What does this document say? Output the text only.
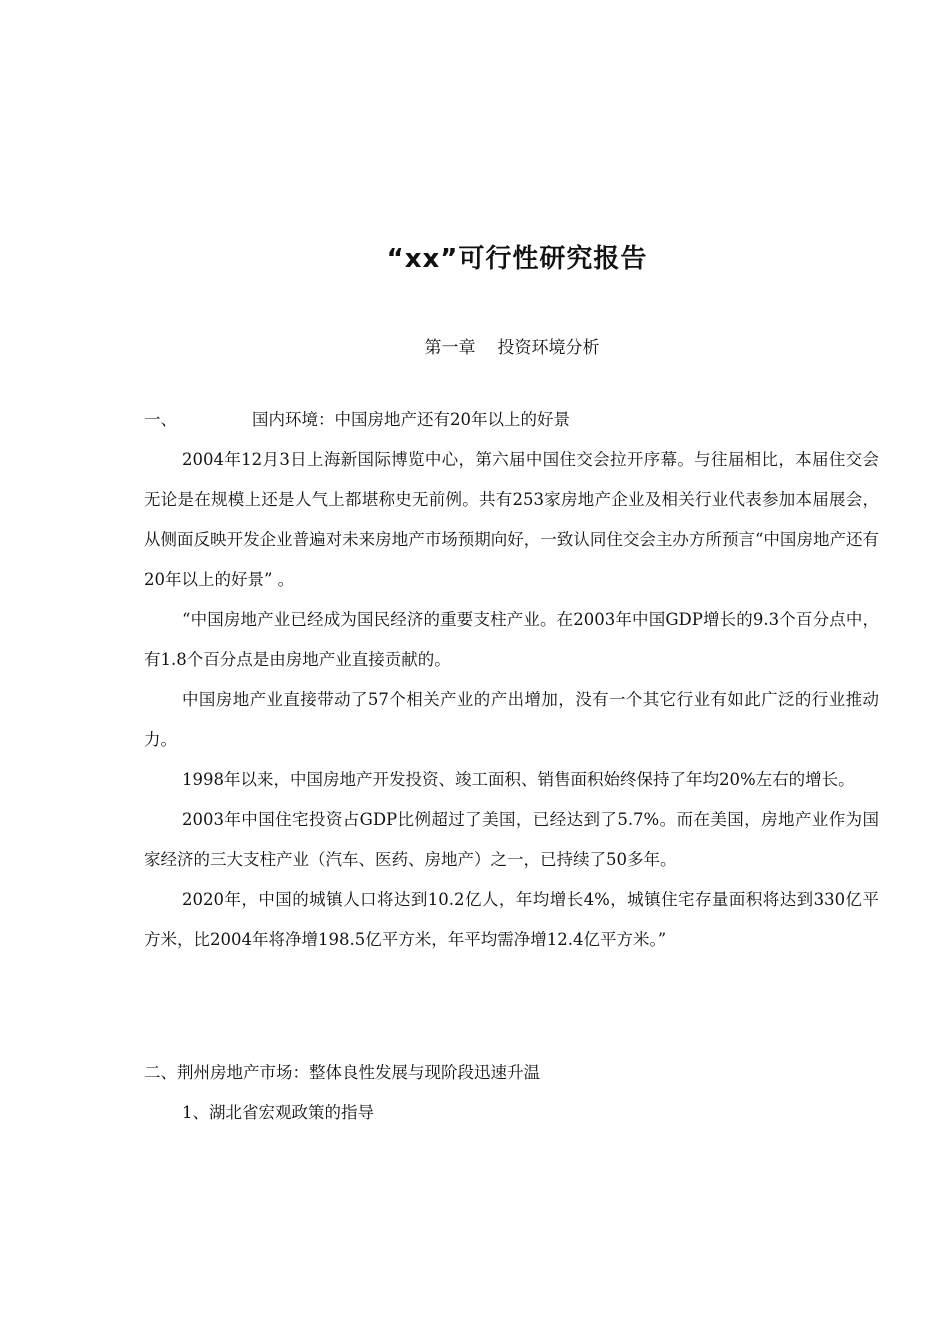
“xx”可行性研究报告
第一章 投资环境分析

一、	国内环境：中国房地产还有20年以上的好景

2004年12月3日上海新国际博览中心，第六届中国住交会拉开序幕。与往届相比，本届住交会无论是在规模上还是人气上都堪称史无前例。共有253家房地产企业及相关行业代表参加本届展会，从侧面反映开发企业普遍对未来房地产市场预期向好，一致认同住交会主办方所预言“中国房地产还有20年以上的好景” 。

“中国房地产业已经成为国民经济的重要支柱产业。在2003年中国GDP增长的9.3个百分点中，有1.8个百分点是由房地产业直接贡献的。

中国房地产业直接带动了57个相关产业的产出增加，没有一个其它行业有如此广泛的行业推动力。

1998年以来，中国房地产开发投资、竣工面积、销售面积始终保持了年均20%左右的增长。

2003年中国住宅投资占GDP比例超过了美国，已经达到了5.7%。而在美国，房地产业作为国家经济的三大支柱产业（汽车、医药、房地产）之一，已持续了50多年。

2020年，中国的城镇人口将达到10.2亿人，年均增长4%，城镇住宅存量面积将达到330亿平方米，比2004年将净增198.5亿平方米，年平均需净增12.4亿平方米。”

二、荆州房地产市场：整体良性发展与现阶段迅速升温

1、湖北省宏观政策的指导
